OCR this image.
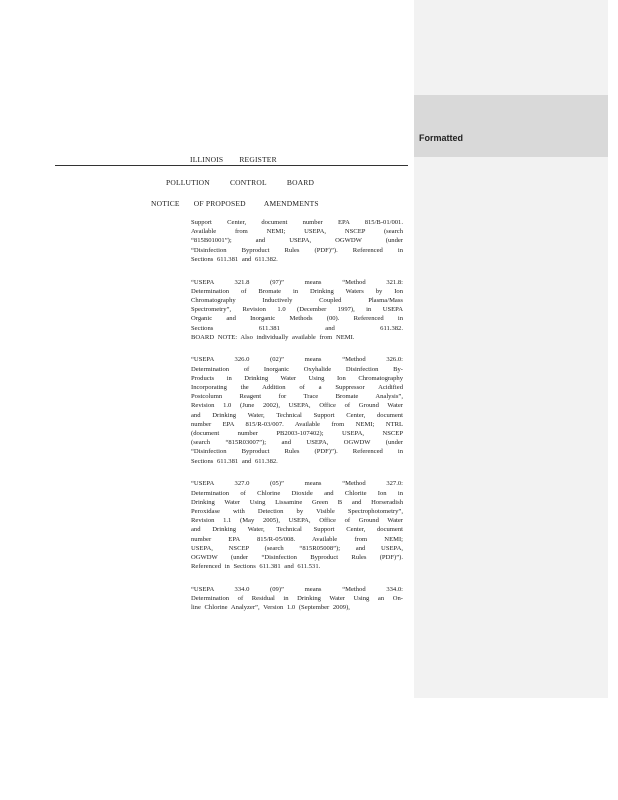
ILLINOIS REGISTER
POLLUTION	CONTROL	BOARD
NOTICE OF PROPOSED AMENDMENTS
Support Center, document number EPA 815/B-01/001.
Available from NEMI; USEPA, NSCEP (search
“815B01001”); and USEPA, OGWDW (under
“Disinfection Byproduct Rules (PDF)”). Referenced in
Sections 611.381 and 611.382.
“USEPA 321.8 (97)” means “Method 321.8:
Determination of Bromate in Drinking Waters by Ion
Chromatography Inductively Coupled Plasma/Mass
Spectrometry”, Revision 1.0 (December 1997), in USEPA
Organic and Inorganic Methods (00). Referenced in
Sections 611.381 and 611.382.
BOARD NOTE: Also individually available from NEMI.
“USEPA 326.0 (02)” means “Method 326.0:
Determination of Inorganic Oxyhalide Disinfection By-
Products in Drinking Water Using Ion Chromatography
Incorporating the Addition of a Suppressor Acidified
Postcolumn Reagent for Trace Bromate Analysis”,
Revision 1.0 (June 2002), USEPA, Office of Ground Water
and Drinking Water, Technical Support Center, document
number EPA 815/R-03/007. Available from NEMI; NTRL
(document number PB2003-107402); USEPA, NSCEP
(search “815R03007”); and USEPA, OGWDW (under
“Disinfection Byproduct Rules (PDF)”). Referenced in
Sections 611.381 and 611.382.
“USEPA 327.0 (05)” means “Method 327.0:
Determination of Chlorine Dioxide and Chlorite Ion in
Drinking Water Using Lissamine Green B and Horseradish
Peroxidase with Detection by Visible Spectrophotometry”,
Revision 1.1 (May 2005), USEPA, Office of Ground Water
and Drinking Water, Technical Support Center, document
number EPA 815/R-05/008. Available from NEMI;
USEPA, NSCEP (search “815R05008”); and USEPA,
OGWDW (under “Disinfection Byproduct Rules (PDF)”).
Referenced in Sections 611.381 and 611.531.
“USEPA 334.0 (09)” means “Method 334.0:
Determination of Residual in Drinking Water Using an On-
line Chlorine Analyzer”, Version 1.0 (September 2009),
Formatted
